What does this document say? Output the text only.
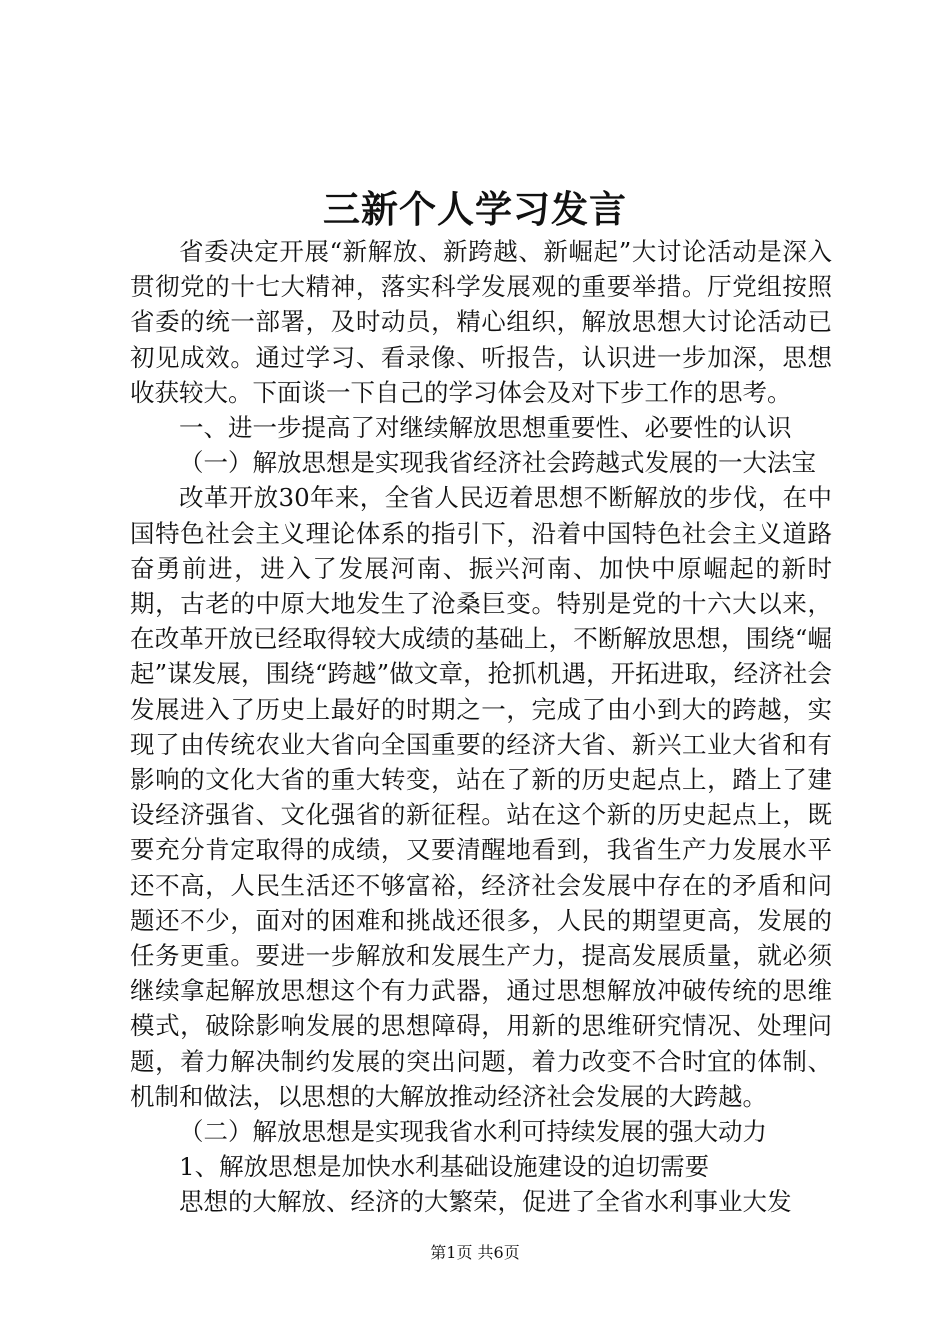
三新个人学习发言

省委决定开展“新解放、新跨越、新崛起”大讨论活动是深入贯彻党的十七大精神，落实科学发展观的重要举措。厅党组按照省委的统一部署，及时动员，精心组织，解放思想大讨论活动已初见成效。通过学习、看录像、听报告，认识进一步加深，思想收获较大。下面谈一下自己的学习体会及对下步工作的思考。

一、进一步提高了对继续解放思想重要性、必要性的认识

（一）解放思想是实现我省经济社会跨越式发展的一大法宝

改革开放30年来，全省人民迈着思想不断解放的步伐，在中国特色社会主义理论体系的指引下，沿着中国特色社会主义道路奋勇前进，进入了发展河南、振兴河南、加快中原崛起的新时期，古老的中原大地发生了沧桑巨变。特别是党的十六大以来，在改革开放已经取得较大成绩的基础上，不断解放思想，围绕“崛起”谋发展，围绕“跨越”做文章，抢抓机遇，开拓进取，经济社会发展进入了历史上最好的时期之一，完成了由小到大的跨越，实现了由传统农业大省向全国重要的经济大省、新兴工业大省和有影响的文化大省的重大转变，站在了新的历史起点上，踏上了建设经济强省、文化强省的新征程。站在这个新的历史起点上，既要充分肯定取得的成绩，又要清醒地看到，我省生产力发展水平还不高，人民生活还不够富裕，经济社会发展中存在的矛盾和问题还不少，面对的困难和挑战还很多，人民的期望更高，发展的任务更重。要进一步解放和发展生产力，提高发展质量，就必须继续拿起解放思想这个有力武器，通过思想解放冲破传统的思维模式，破除影响发展的思想障碍，用新的思维研究情况、处理问题，着力解决制约发展的突出问题，着力改变不合时宜的体制、机制和做法，以思想的大解放推动经济社会发展的大跨越。

（二）解放思想是实现我省水利可持续发展的强大动力

1、解放思想是加快水利基础设施建设的迫切需要

思想的大解放、经济的大繁荣，促进了全省水利事业大发

第1页 共6页
